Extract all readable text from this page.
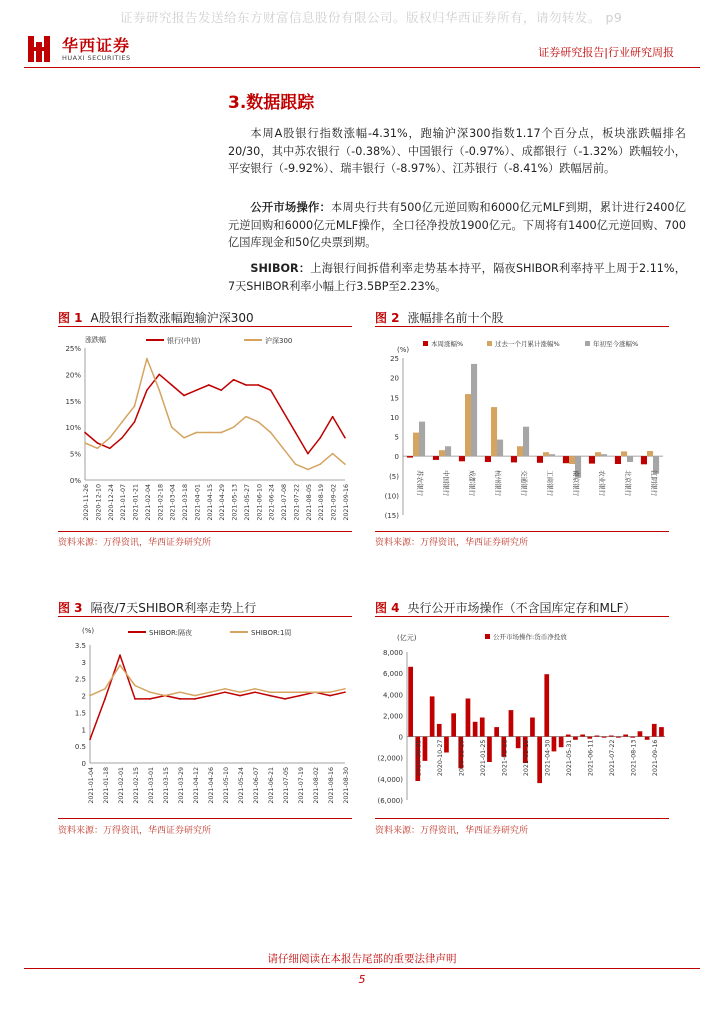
证券研究报告发送给东方财富信息股份有限公司。版权归华西证券所有，请勿转发。 p9
华西证券
HUAXI SECURITIES	证券研究报告|行业研究周报
3.数据跟踪
本周A股银行指数涨幅-4.31%，跑输沪深300指数1.17个百分点，板块涨跌幅排名20/30，其中苏农银行（-0.38%）、中国银行（-0.97%）、成都银行（-1.32%）跌幅较小，平安银行（-9.92%）、瑞丰银行（-8.97%）、江苏银行（-8.41%）跌幅居前。
公开市场操作：本周央行共有500亿元逆回购和6000亿元MLF到期，累计进行2400亿元逆回购和6000亿元MLF操作，全口径净投放1900亿元。下周将有1400亿元逆回购、700亿国库现金和50亿央票到期。
SHIBOR：上海银行间拆借利率走势基本持平，隔夜SHIBOR利率持平上周于2.11%，7天SHIBOR利率小幅上行3.5BP至2.23%。
图 1 A股银行指数涨幅跑输沪深300
0%
5%
10%
15%
20%
25%
涨跌幅
2020-11-26 2020-12-10 2020-12-24 2021-01-07 2021-01-21 2021-02-04 2021-02-18 2021-03-04 2021-03-18 2021-04-01 2021-04-15 2021-04-29 2021-05-13 2021-05-27 2021-06-10 2021-06-24 2021-07-08 2021-07-22 2021-08-05 2021-08-19 2021-09-02 2021-09-16
银行(中信)	沪深300
资料来源：万得资讯，华西证券研究所
图 2 涨幅排名前十个股
(15)
(10)
(5)
0
5
10
15
20
25
(%)
本周涨幅%	过去一个月累计涨幅%	年初至今涨幅%
苏农银行	中国银行	成都银行	杭州银行	交通银行	工商银行	南京银行	农业银行	北京银行	江阴银行
资料来源：万得资讯，华西证券研究所
图 3 隔夜/7天SHIBOR利率走势上行
0
0.5
1
1.5
2
2.5
3
3.5
(%)
2021-01-04 2021-01-18 2021-02-01 2021-02-15 2021-03-01 2021-03-15 2021-03-29 2021-04-12 2021-04-26 2021-05-10 2021-05-24 2021-06-07 2021-06-21 2021-07-05 2021-07-19 2021-08-02 2021-08-16 2021-08-30
SHIBOR:隔夜	SHIBOR:1周
资料来源：万得资讯，华西证券研究所
图 4 央行公开市场操作（不含国库定存和MLF）
(6,000)
(4,000)
(2,000)
0
2,000
4,000
6,000
8,000
(亿元)	公开市场操作:货币净投放
2020-08-05 2020-10-27 2020-12-29 2021-01-25 2021-02-22 2021-03-19 2021-04-30 2021-05-31 2021-06-11 2021-07-22 2021-08-13 2021-09-16
资料来源：万得资讯，华西证券研究所
请仔细阅读在本报告尾部的重要法律声明
5
